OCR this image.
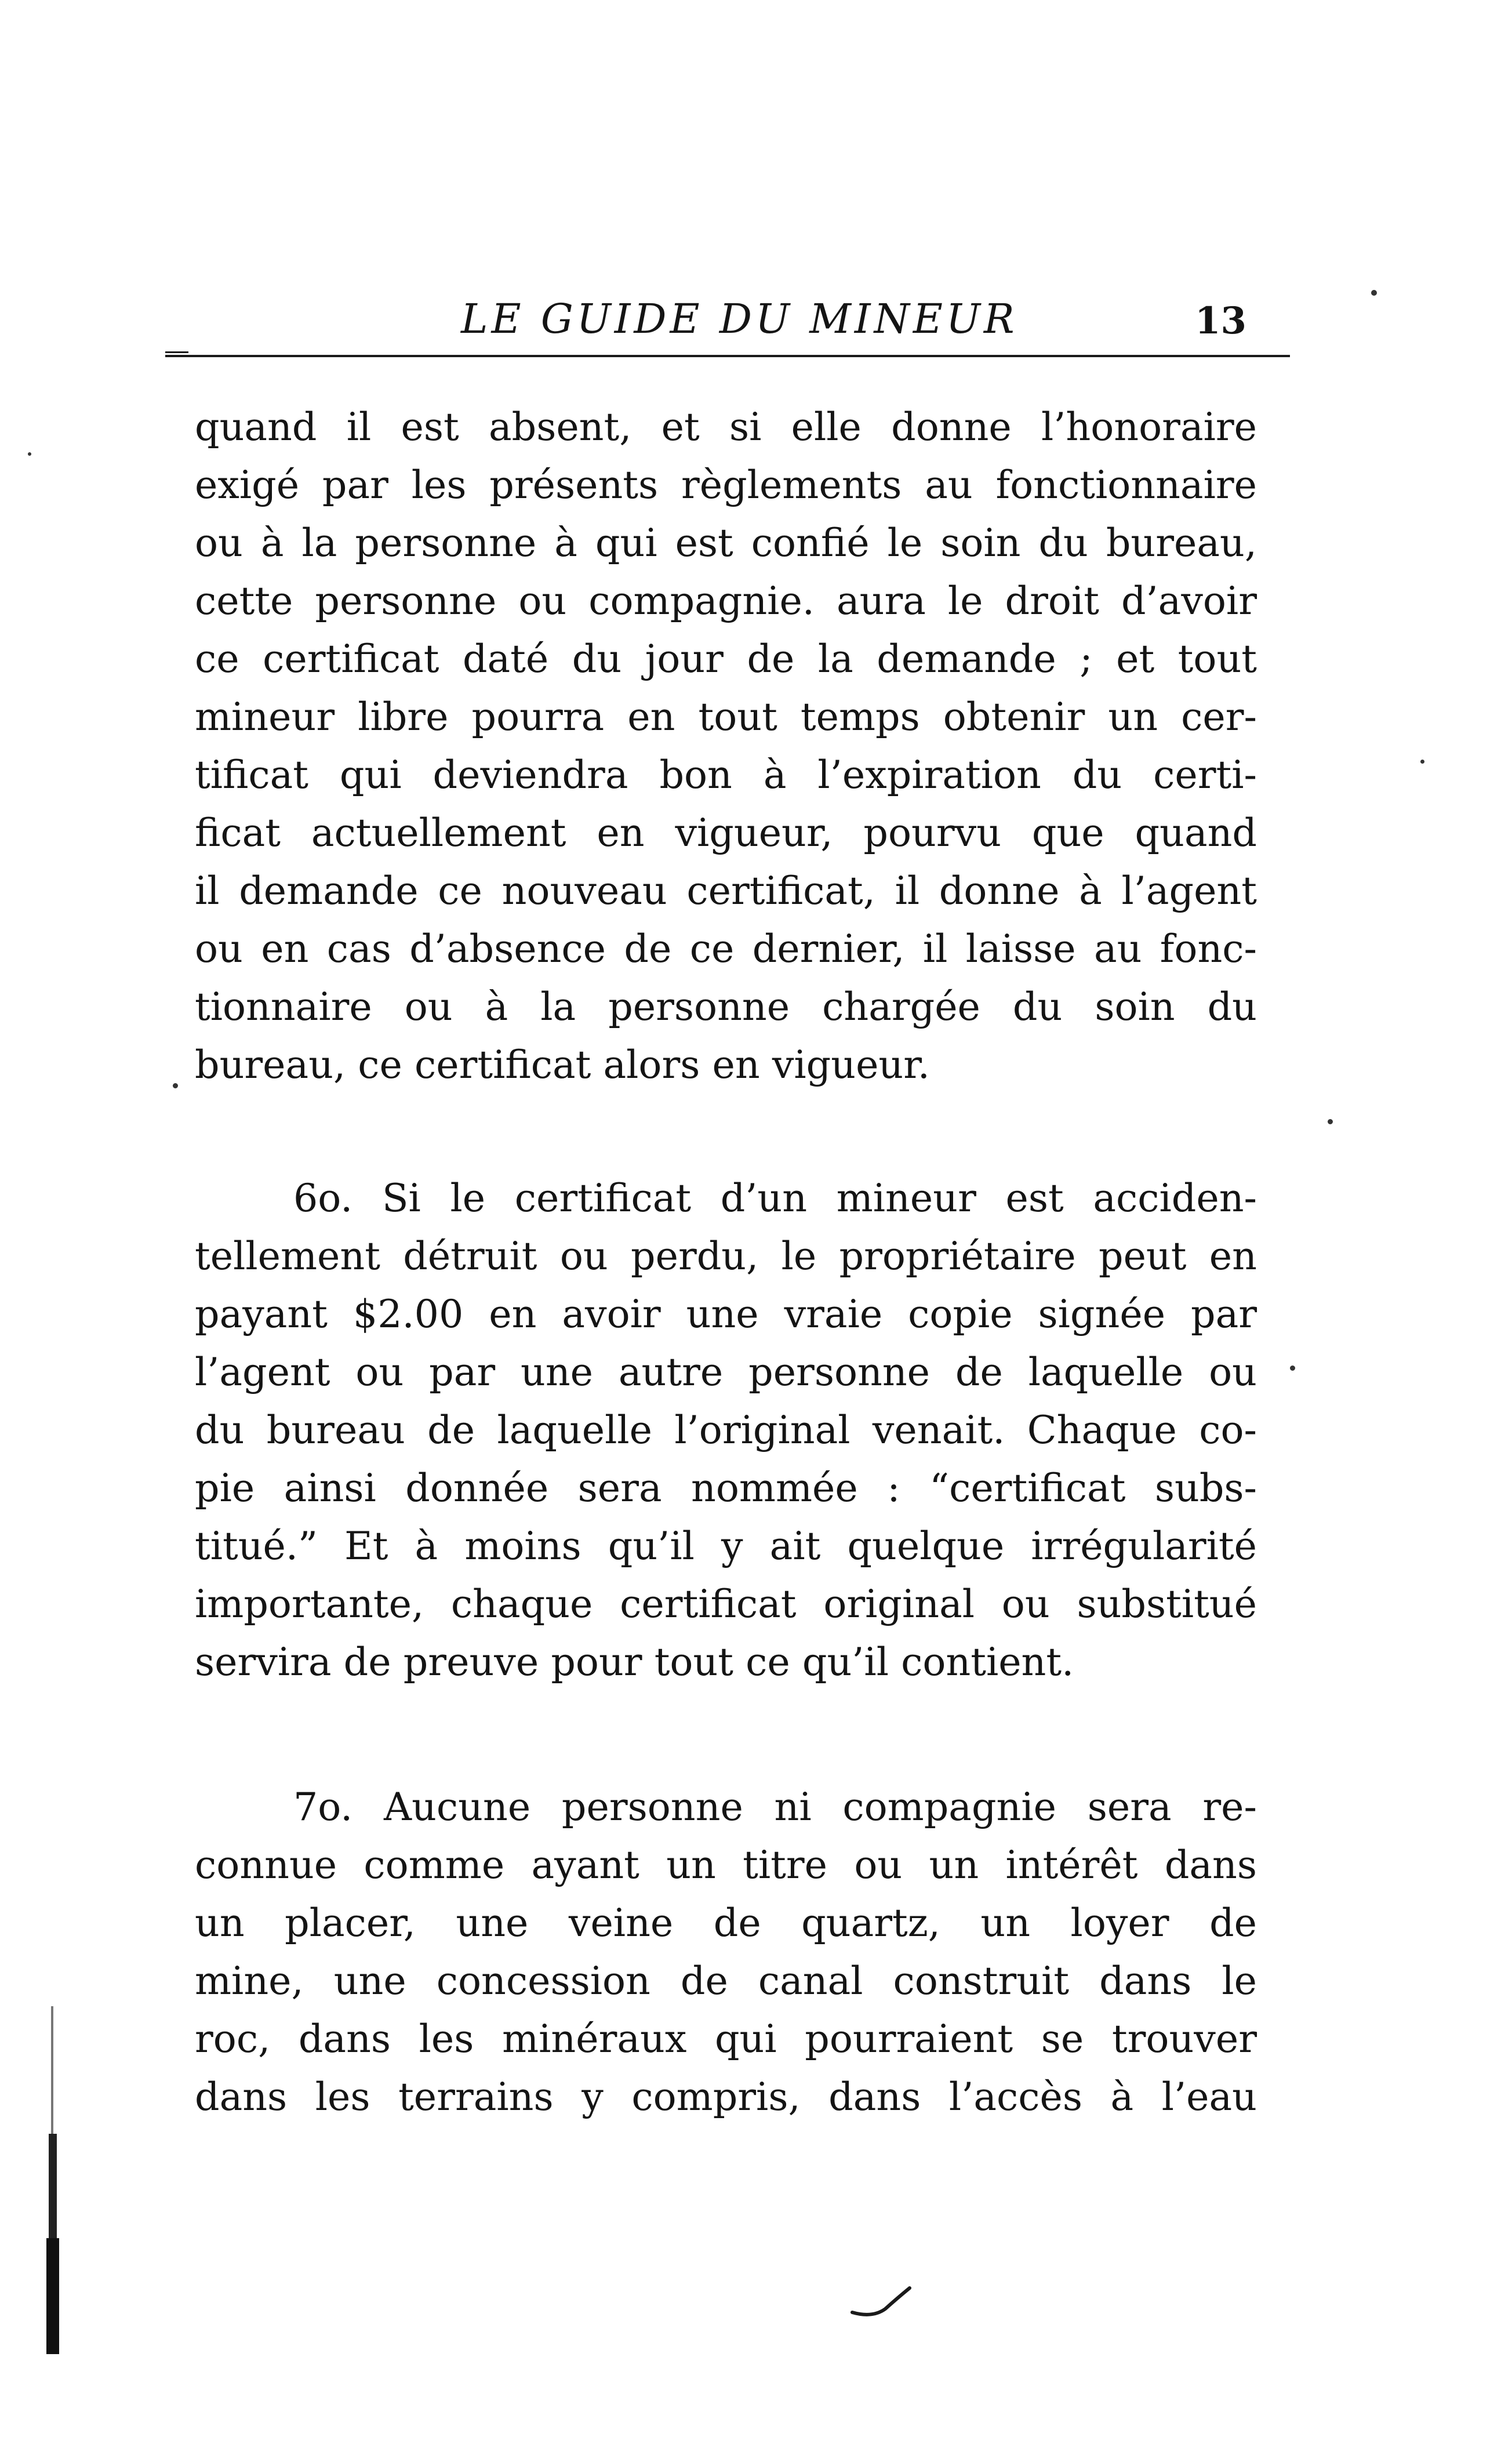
LE GUIDE DU MINEUR	13
quand il est absent, et si elle donne l’honoraire
exigé par les présents règlements au fonctionnaire
ou à la personne à qui est confié le soin du bureau,
cette personne ou compagnie. aura le droit d’avoir
ce certificat daté du jour de la demande ; et tout
mineur libre pourra en tout temps obtenir un cer-
tificat qui deviendra bon à l’expiration du certi-
ficat actuellement en vigueur, pourvu que quand
il demande ce nouveau certificat, il donne à l’agent
ou en cas d’absence de ce dernier, il laisse au fonc-
tionnaire ou à la personne chargée du soin du
bureau, ce certificat alors en vigueur.
6o. Si le certificat d’un mineur est acciden-
tellement détruit ou perdu, le propriétaire peut en
payant $2.00 en avoir une vraie copie signée par
l’agent ou par une autre personne de laquelle ou
du bureau de laquelle l’original venait. Chaque co-
pie ainsi donnée sera nommée : “certificat subs-
titué.” Et à moins qu’il y ait quelque irrégularité
importante, chaque certificat original ou substitué
servira de preuve pour tout ce qu’il contient.
7o. Aucune personne ni compagnie sera re-
connue comme ayant un titre ou un intérêt dans
un placer, une veine de quartz, un loyer de
mine, une concession de canal construit dans le
roc, dans les minéraux qui pourraient se trouver
dans les terrains y compris, dans l’accès à l’eau
